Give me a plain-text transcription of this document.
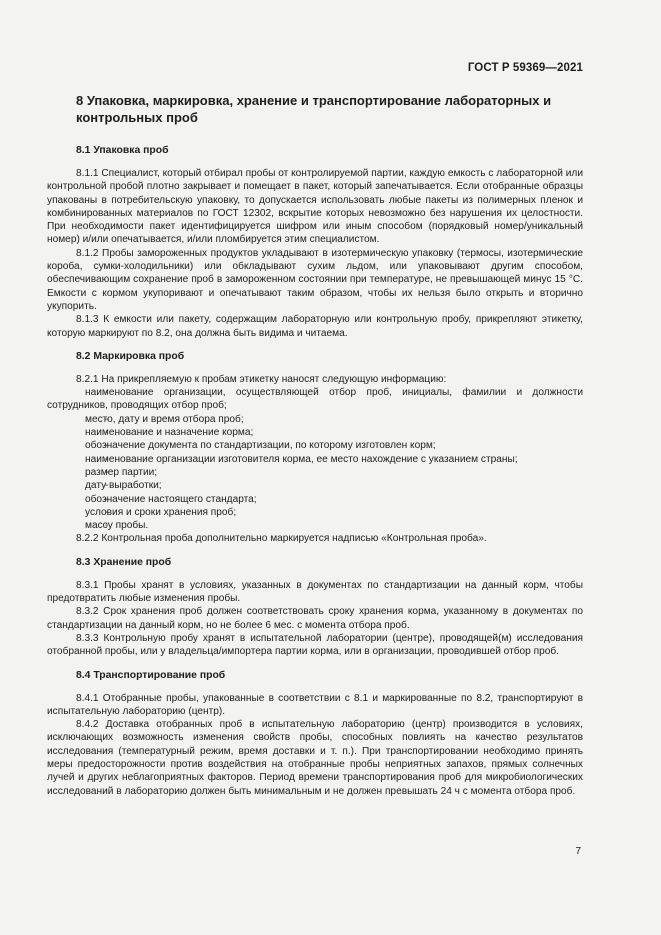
ГОСТ Р 59369—2021
8 Упаковка, маркировка, хранение и транспортирование лабораторных и контрольных проб
8.1 Упаковка проб

8.1.1 Специалист, который отбирал пробы от контролируемой партии, каждую емкость с лабораторной или контрольной пробой плотно закрывает и помещает в пакет, который запечатывается. Если отобранные образцы упакованы в потребительскую упаковку, то допускается использовать любые пакеты из полимерных пленок и комбинированных материалов по ГОСТ 12302, вскрытие которых невозможно без нарушения их целостности. При необходимости пакет идентифицируется шифром или иным способом (порядковый номер/уникальный номер) и/или опечатывается, и/или пломбируется этим специалистом.

8.1.2 Пробы замороженных продуктов укладывают в изотермическую упаковку (термосы, изотермические короба, сумки-холодильники) или обкладывают сухим льдом, или упаковывают другим способом, обеспечивающим сохранение проб в замороженном состоянии при температуре, не превышающей минус 15 °С. Емкости с кормом укупоривают и опечатывают таким образом, чтобы их нельзя было открыть и вторично укупорить.

8.1.3 К емкости или пакету, содержащим лабораторную или контрольную пробу, прикрепляют этикетку, которую маркируют по 8.2, она должна быть видима и читаема.

8.2 Маркировка проб

8.2.1 На прикрепляемую к пробам этикетку наносят следующую информацию:

- наименование организации, осуществляющей отбор проб, инициалы, фамилии и должности сотрудников, проводящих отбор проб;
- место, дату и время отбора проб;
- наименование и назначение корма;
- обозначение документа по стандартизации, по которому изготовлен корм;
- наименование организации изготовителя корма, ее место нахождение с указанием страны;
- размер партии;
- дату выработки;
- обозначение настоящего стандарта;
- условия и сроки хранения проб;
- массу пробы.

8.2.2 Контрольная проба дополнительно маркируется надписью «Контрольная проба».

8.3 Хранение проб

8.3.1 Пробы хранят в условиях, указанных в документах по стандартизации на данный корм, чтобы предотвратить любые изменения пробы.

8.3.2 Срок хранения проб должен соответствовать сроку хранения корма, указанному в документах по стандартизации на данный корм, но не более 6 мес. с момента отбора проб.

8.3.3 Контрольную пробу хранят в испытательной лаборатории (центре), проводящей(м) исследования отобранной пробы, или у владельца/импортера партии корма, или в организации, проводившей отбор проб.

8.4 Транспортирование проб

8.4.1 Отобранные пробы, упакованные в соответствии с 8.1 и маркированные по 8.2, транспортируют в испытательную лабораторию (центр).

8.4.2 Доставка отобранных проб в испытательную лабораторию (центр) производится в условиях, исключающих возможность изменения свойств пробы, способных повлиять на качество результатов исследования (температурный режим, время доставки и т. п.). При транспортировании необходимо принять меры предосторожности против воздействия на отобранные пробы неприятных запахов, прямых солнечных лучей и других неблагоприятных факторов. Период времени транспортирования проб для микробиологических исследований в лабораторию должен быть минимальным и не должен превышать 24 ч с момента отбора проб.

7
